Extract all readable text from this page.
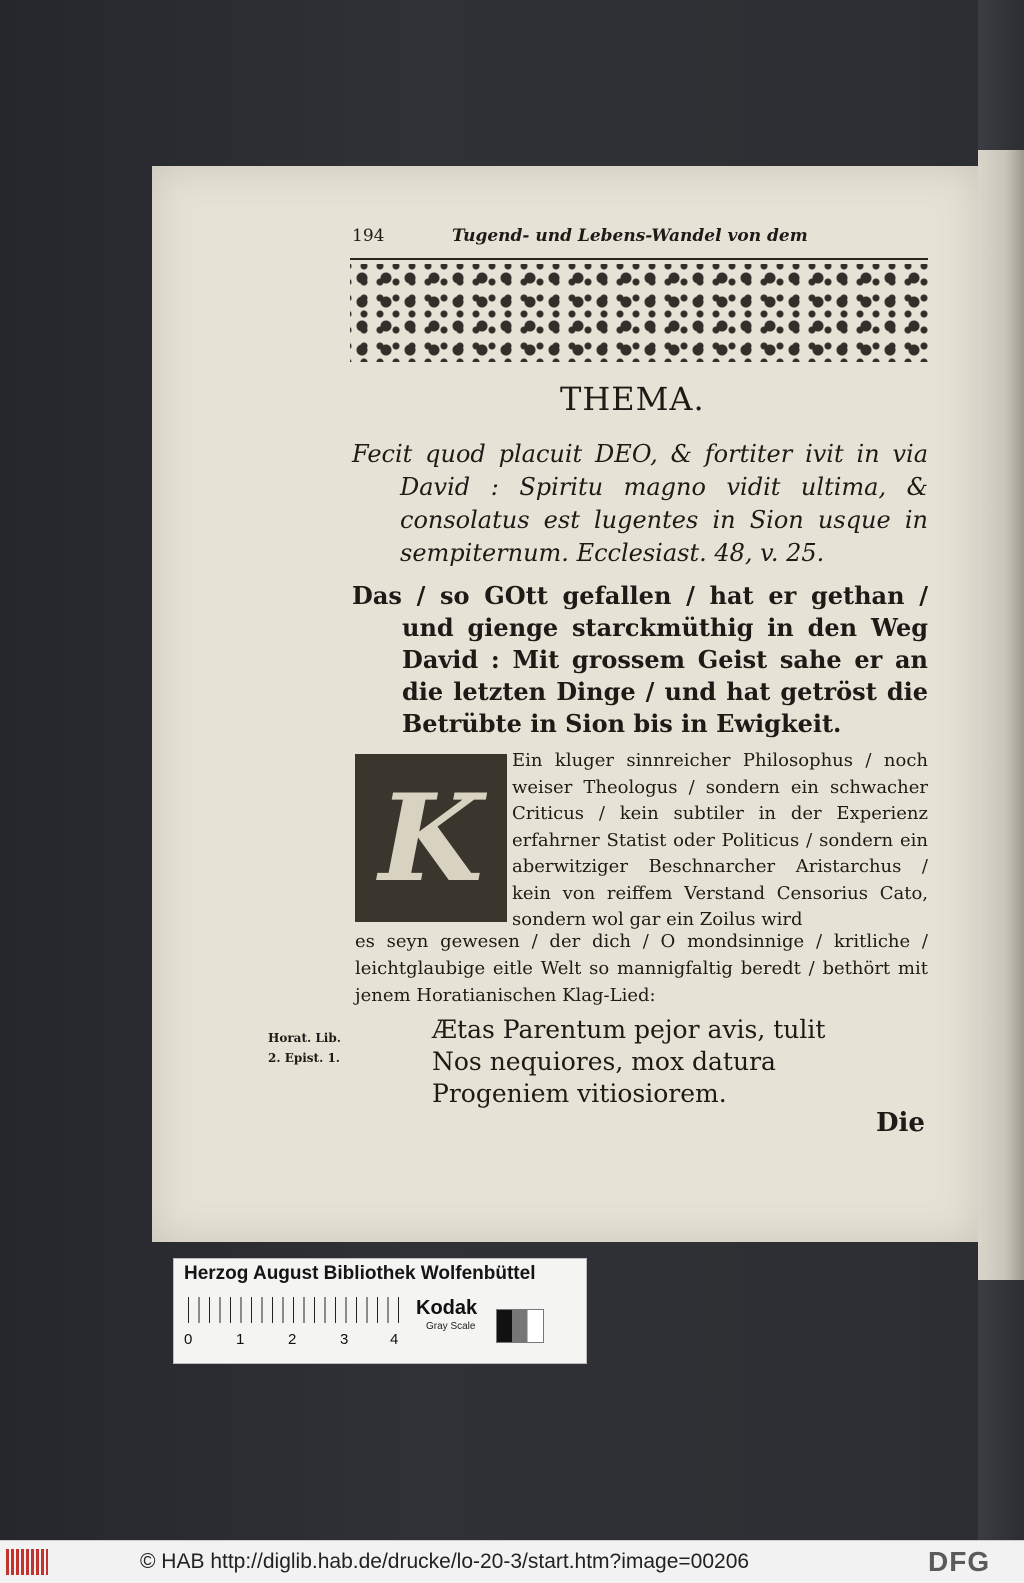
194	Tugend- und Lebens-Wandel von dem
THEMA.

Fecit quod placuit DEO, & fortiter ivit in via David : Spiritu magno vidit ultima, & consolatus est lugentes in Sion usque in sempiternum. Ecclesiast. 48, v. 25.

Das / so GOtt gefallen / hat er gethan / und gienge starckmüthig in den Weg David : Mit grossem Geist sahe er an die letzten Dinge / und hat getröst die Betrübte in Sion bis in Ewigkeit.

K
Ein kluger sinnreicher Philosophus / noch weiser Theologus / sondern ein schwacher Criticus / kein subtiler in der Experienz erfahrner Statist oder Politicus / sondern ein aberwitziger Beschnarcher Aristarchus / kein von reiffem Verstand Censorius Cato, sondern wol gar ein Zoilus wird
es seyn gewesen / der dich / O mondsinnige / kritliche / leichtglaubige eitle Welt so mannigfaltig beredt / bethört mit jenem Horatianischen Klag-Lied:
Horat. Lib.
2. Epist. 1.
Ætas Parentum pejor avis, tulit
Nos nequiores, mox datura
Progeniem vitiosiorem.
Die
Herzog August Bibliothek Wolfenbüttel
0	1	2	3	4
Kodak
Gray Scale
© HAB http://diglib.hab.de/drucke/lo-20-3/start.htm?image=00206	DFG
